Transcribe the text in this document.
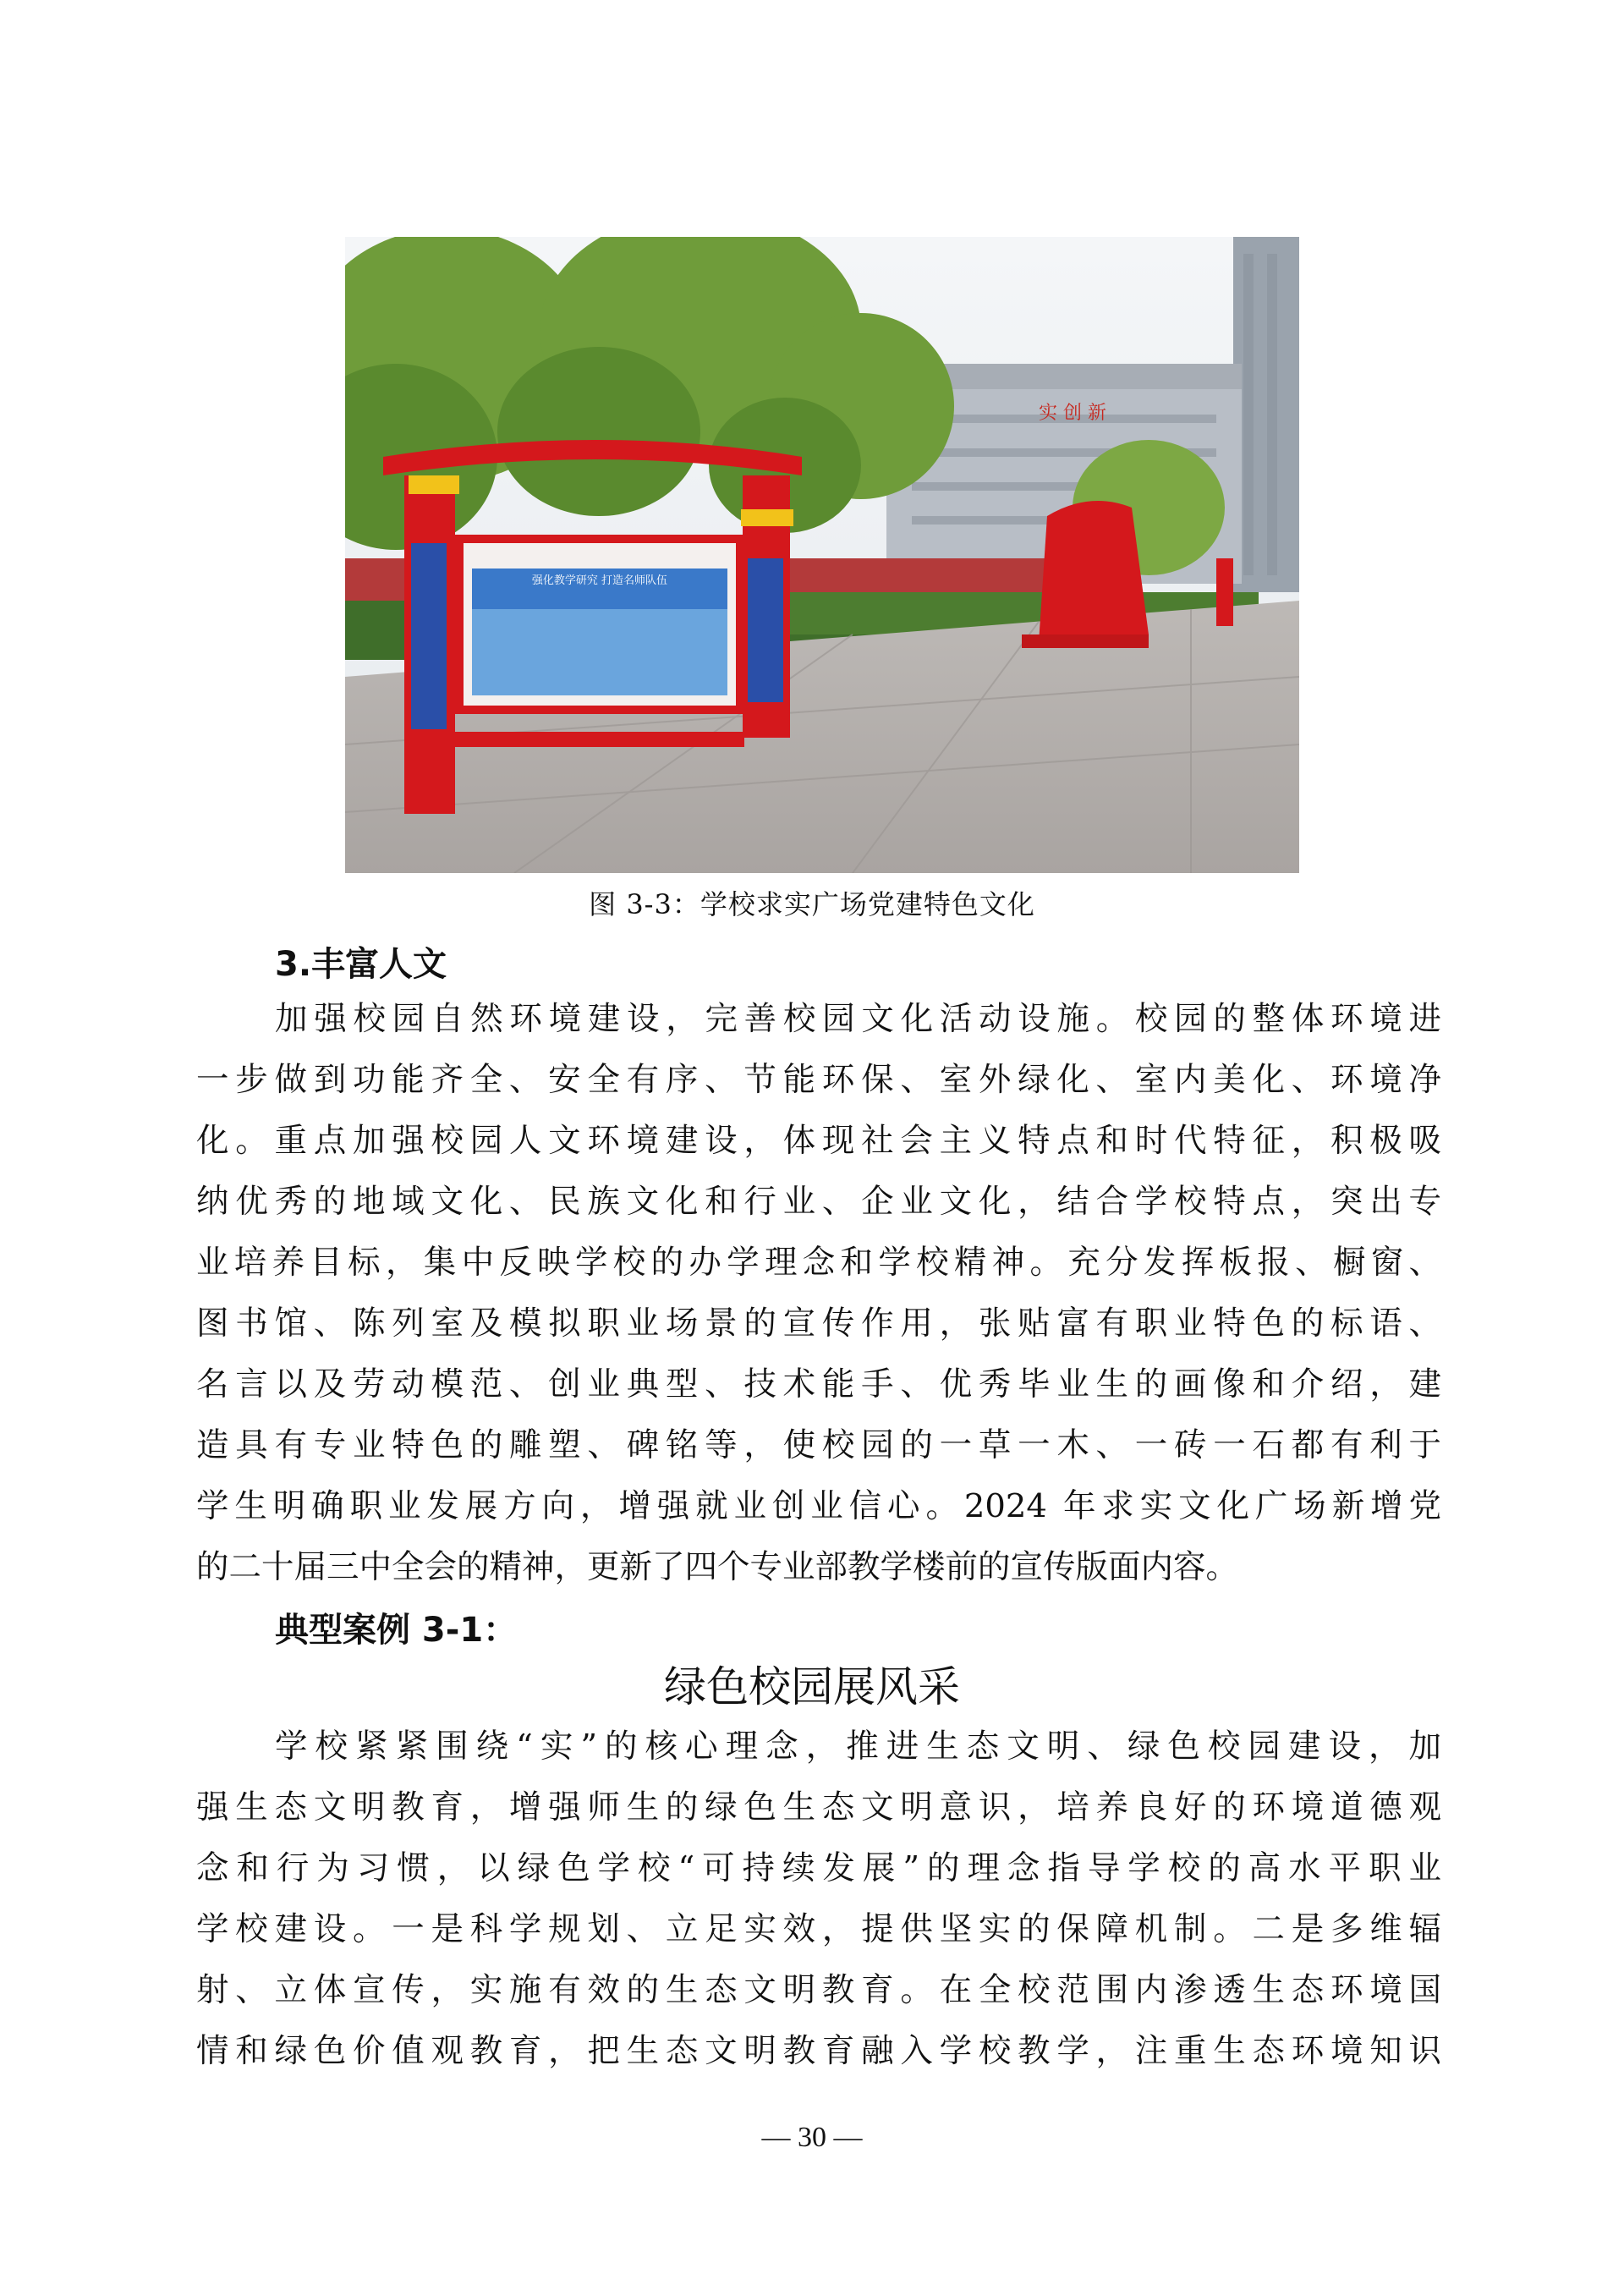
实 创 新
强化教学研究 打造名师队伍
图 3-3：学校求实广场党建特色文化
3.丰富人文
加强校园自然环境建设，完善校园文化活动设施。校园的整体环境进
一步做到功能齐全、安全有序、节能环保、室外绿化、室内美化、环境净
化。重点加强校园人文环境建设，体现社会主义特点和时代特征，积极吸
纳优秀的地域文化、民族文化和行业、企业文化，结合学校特点，突出专
业培养目标，集中反映学校的办学理念和学校精神。充分发挥板报、橱窗、
图书馆、陈列室及模拟职业场景的宣传作用，张贴富有职业特色的标语、
名言以及劳动模范、创业典型、技术能手、优秀毕业生的画像和介绍，建
造具有专业特色的雕塑、碑铭等，使校园的一草一木、一砖一石都有利于
学生明确职业发展方向，增强就业创业信心。2024 年求实文化广场新增党
的二十届三中全会的精神，更新了四个专业部教学楼前的宣传版面内容。
典型案例 3-1：
绿色校园展风采
学校紧紧围绕“实”的核心理念，推进生态文明、绿色校园建设，加
强生态文明教育，增强师生的绿色生态文明意识，培养良好的环境道德观
念和行为习惯，以绿色学校“可持续发展”的理念指导学校的高水平职业
学校建设。一是科学规划、立足实效，提供坚实的保障机制。二是多维辐
射、立体宣传，实施有效的生态文明教育。在全校范围内渗透生态环境国
情和绿色价值观教育，把生态文明教育融入学校教学，注重生态环境知识
— 30 —
